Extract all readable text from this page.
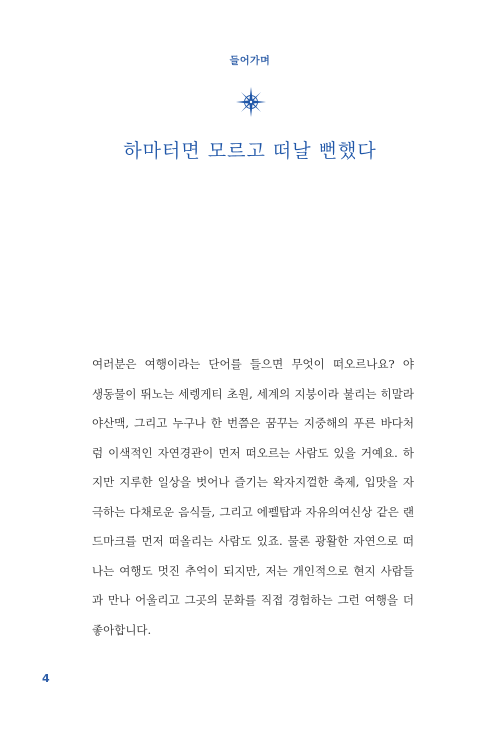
들어가며
하마터면 모르고 떠날 뻔했다
여러분은 여행이라는 단어를 들으면 무엇이 떠오르나요? 야
생동물이 뛰노는 세렝게티 초원, 세계의 지붕이라 불리는 히말라
야산맥, 그리고 누구나 한 번쯤은 꿈꾸는 지중해의 푸른 바다처
럼 이색적인 자연경관이 먼저 떠오르는 사람도 있을 거예요. 하
지만 지루한 일상을 벗어나 즐기는 왁자지껄한 축제, 입맛을 자
극하는 다채로운 음식들, 그리고 에펠탑과 자유의여신상 같은 랜
드마크를 먼저 떠올리는 사람도 있죠. 물론 광활한 자연으로 떠
나는 여행도 멋진 추억이 되지만, 저는 개인적으로 현지 사람들
과 만나 어울리고 그곳의 문화를 직접 경험하는 그런 여행을 더
좋아합니다.
4
